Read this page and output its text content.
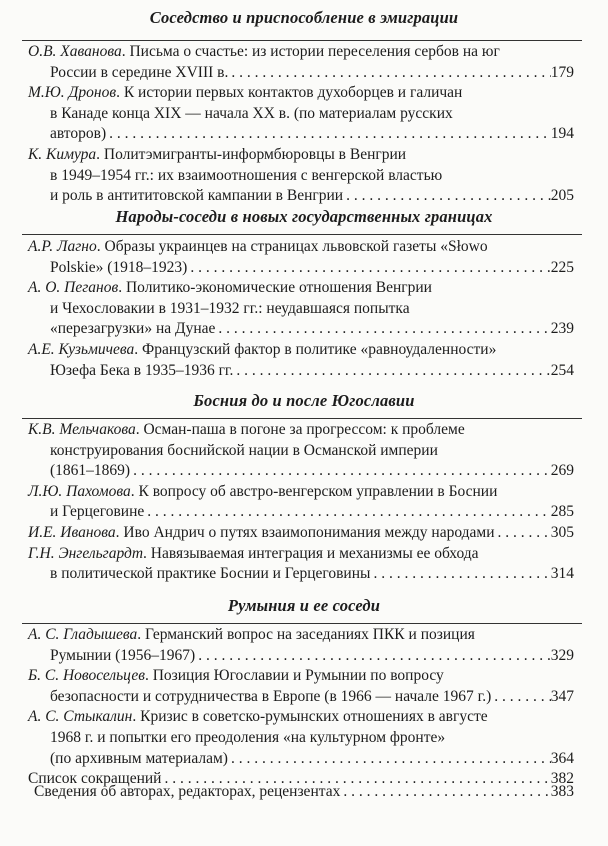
Соседство и приспособление в эмиграции
О.В. Хаванова. Письма о счастье: из истории переселения сербов на юг
России в середине XVIII в. . . .	179
М.Ю. Дронов. К истории первых контактов духоборцев и галичан
в Канаде конца XIX — начала XX в. (по материалам русских
авторов) . . .	194
К. Кимура. Политэмигранты-информбюровцы в Венгрии
в 1949–1954 гг.: их взаимоотношения с венгерской властью
и роль в антититовской кампании в Венгрии . . .	205
Народы-соседи в новых государственных границах
А.Р. Лагно. Образы украинцев на страницах львовской газеты «Słowo
Polskie» (1918–1923) . . .	225
А. О. Пеганов. Политико-экономические отношения Венгрии
и Чехословакии в 1931–1932 гг.: неудавшаяся попытка
«перезагрузки» на Дунае . . .	239
А.Е. Кузьмичева. Французский фактор в политике «равноудаленности»
Юзефа Бека в 1935–1936 гг. . . .	254
Босния до и после Югославии
К.В. Мельчакова. Осман-паша в погоне за прогрессом: к проблеме
конструирования боснийской нации в Османской империи
(1861–1869) . . .	269
Л.Ю. Пахомова. К вопросу об австро-венгерском управлении в Боснии
и Герцеговине . . .	285
И.Е. Иванова. Иво Андрич о путях взаимопонимания между народами . . .	305
Г.Н. Энгельгардт. Навязываемая интеграция и механизмы ее обхода
в политической практике Боснии и Герцеговины . . .	314
Румыния и ее соседи
А. С. Гладышева. Германский вопрос на заседаниях ПКК и позиция
Румынии (1956–1967) . . .	329
Б. С. Новосельцев. Позиция Югославии и Румынии по вопросу
безопасности и сотрудничества в Европе (в 1966 — начале 1967 г.) . . .	347
А. С. Стыкалин. Кризис в советско-румынских отношениях в августе
1968 г. и попытки его преодоления «на культурном фронте»
(по архивным материалам) . . .	364
Список сокращений . . .	382
Сведения об авторах, редакторах, рецензентах . . .	383
